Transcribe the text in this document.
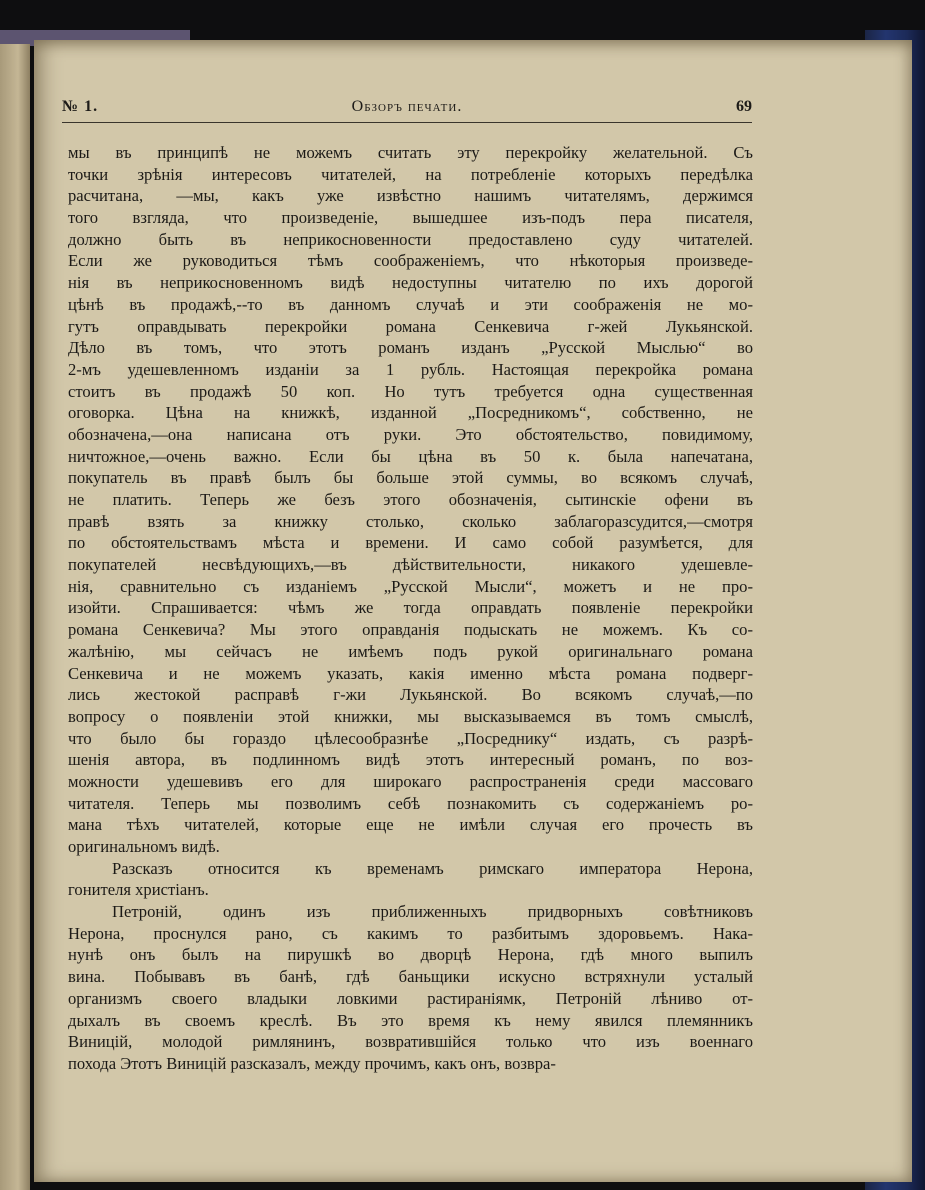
№ 1.	Обзоръ печати.	69
мы въ принципѣ не можемъ считать эту перекройку желательной. Съ
точки зрѣнія интересовъ читателей, на потребленіе которыхъ передѣлка
расчитана, —мы, какъ уже извѣстно нашимъ читателямъ, держимся
того взгляда, что произведеніе, вышедшее изъ-подъ пера писателя,
должно быть въ неприкосновенности предоставлено суду читателей.
Если же руководиться тѣмъ соображеніемъ, что нѣкоторыя произведе-
нія въ неприкосновенномъ видѣ недоступны читателю по ихъ дорогой
цѣнѣ въ продажѣ,--то въ данномъ случаѣ и эти соображенія не мо-
гутъ оправдывать перекройки романа Сенкевича г-жей Лукьянской.
Дѣло въ томъ, что этотъ романъ изданъ „Русской Мыслью“ во
2-мъ удешевленномъ изданіи за 1 рубль. Настоящая перекройка романа
стоитъ въ продажѣ 50 коп. Но тутъ требуется одна существенная
оговорка. Цѣна на книжкѣ, изданной „Посредникомъ“, собственно, не
обозначена,—она написана отъ руки. Это обстоятельство, повидимому,
ничтожное,—очень важно. Если бы цѣна въ 50 к. была напечатана,
покупатель въ правѣ былъ бы больше этой суммы, во всякомъ случаѣ,
не платить. Теперь же безъ этого обозначенія, сытинскіе офени въ
правѣ взять за книжку столько, сколько заблагоразсудится,—смотря
по обстоятельствамъ мѣста и времени. И само собой разумѣется, для
покупателей несвѣдующихъ,—въ дѣйствительности, никакого удешевле-
нія, сравнительно съ изданіемъ „Русской Мысли“, можетъ и не про-
изойти. Спрашивается: чѣмъ же тогда оправдать появленіе перекройки
романа Сенкевича? Мы этого оправданія подыскать не можемъ. Къ со-
жалѣнію, мы сейчасъ не имѣемъ подъ рукой оригинальнаго романа
Сенкевича и не можемъ указать, какія именно мѣста романа подверг-
лись жестокой расправѣ г-жи Лукьянской. Во всякомъ случаѣ,—по
вопросу о появленіи этой книжки, мы высказываемся въ томъ смыслѣ,
что было бы гораздо цѣлесообразнѣе „Посреднику“ издать, съ разрѣ-
шенія автора, въ подлинномъ видѣ этотъ интересный романъ, по воз-
можности удешевивъ его для широкаго распространенія среди массоваго
читателя. Теперь мы позволимъ себѣ познакомить съ содержаніемъ ро-
мана тѣхъ читателей, которые еще не имѣли случая его прочесть въ
оригинальномъ видѣ.
Разсказъ относится къ временамъ римскаго императора Нерона,
гонителя христіанъ.
Петроній, одинъ изъ приближенныхъ придворныхъ совѣтниковъ
Нерона, проснулся рано, съ какимъ то разбитымъ здоровьемъ. Нака-
нунѣ онъ былъ на пирушкѣ во дворцѣ Нерона, гдѣ много выпилъ
вина. Побывавъ въ банѣ, гдѣ баньщики искусно встряхнули усталый
организмъ своего владыки ловкими растираніямк, Петроній лѣниво от-
дыхалъ въ своемъ креслѣ. Въ это время къ нему явился племянникъ
Виницій, молодой римлянинъ, возвратившійся только что изъ военнаго
похода Этотъ Виницій разсказалъ, между прочимъ, какъ онъ, возвра-
